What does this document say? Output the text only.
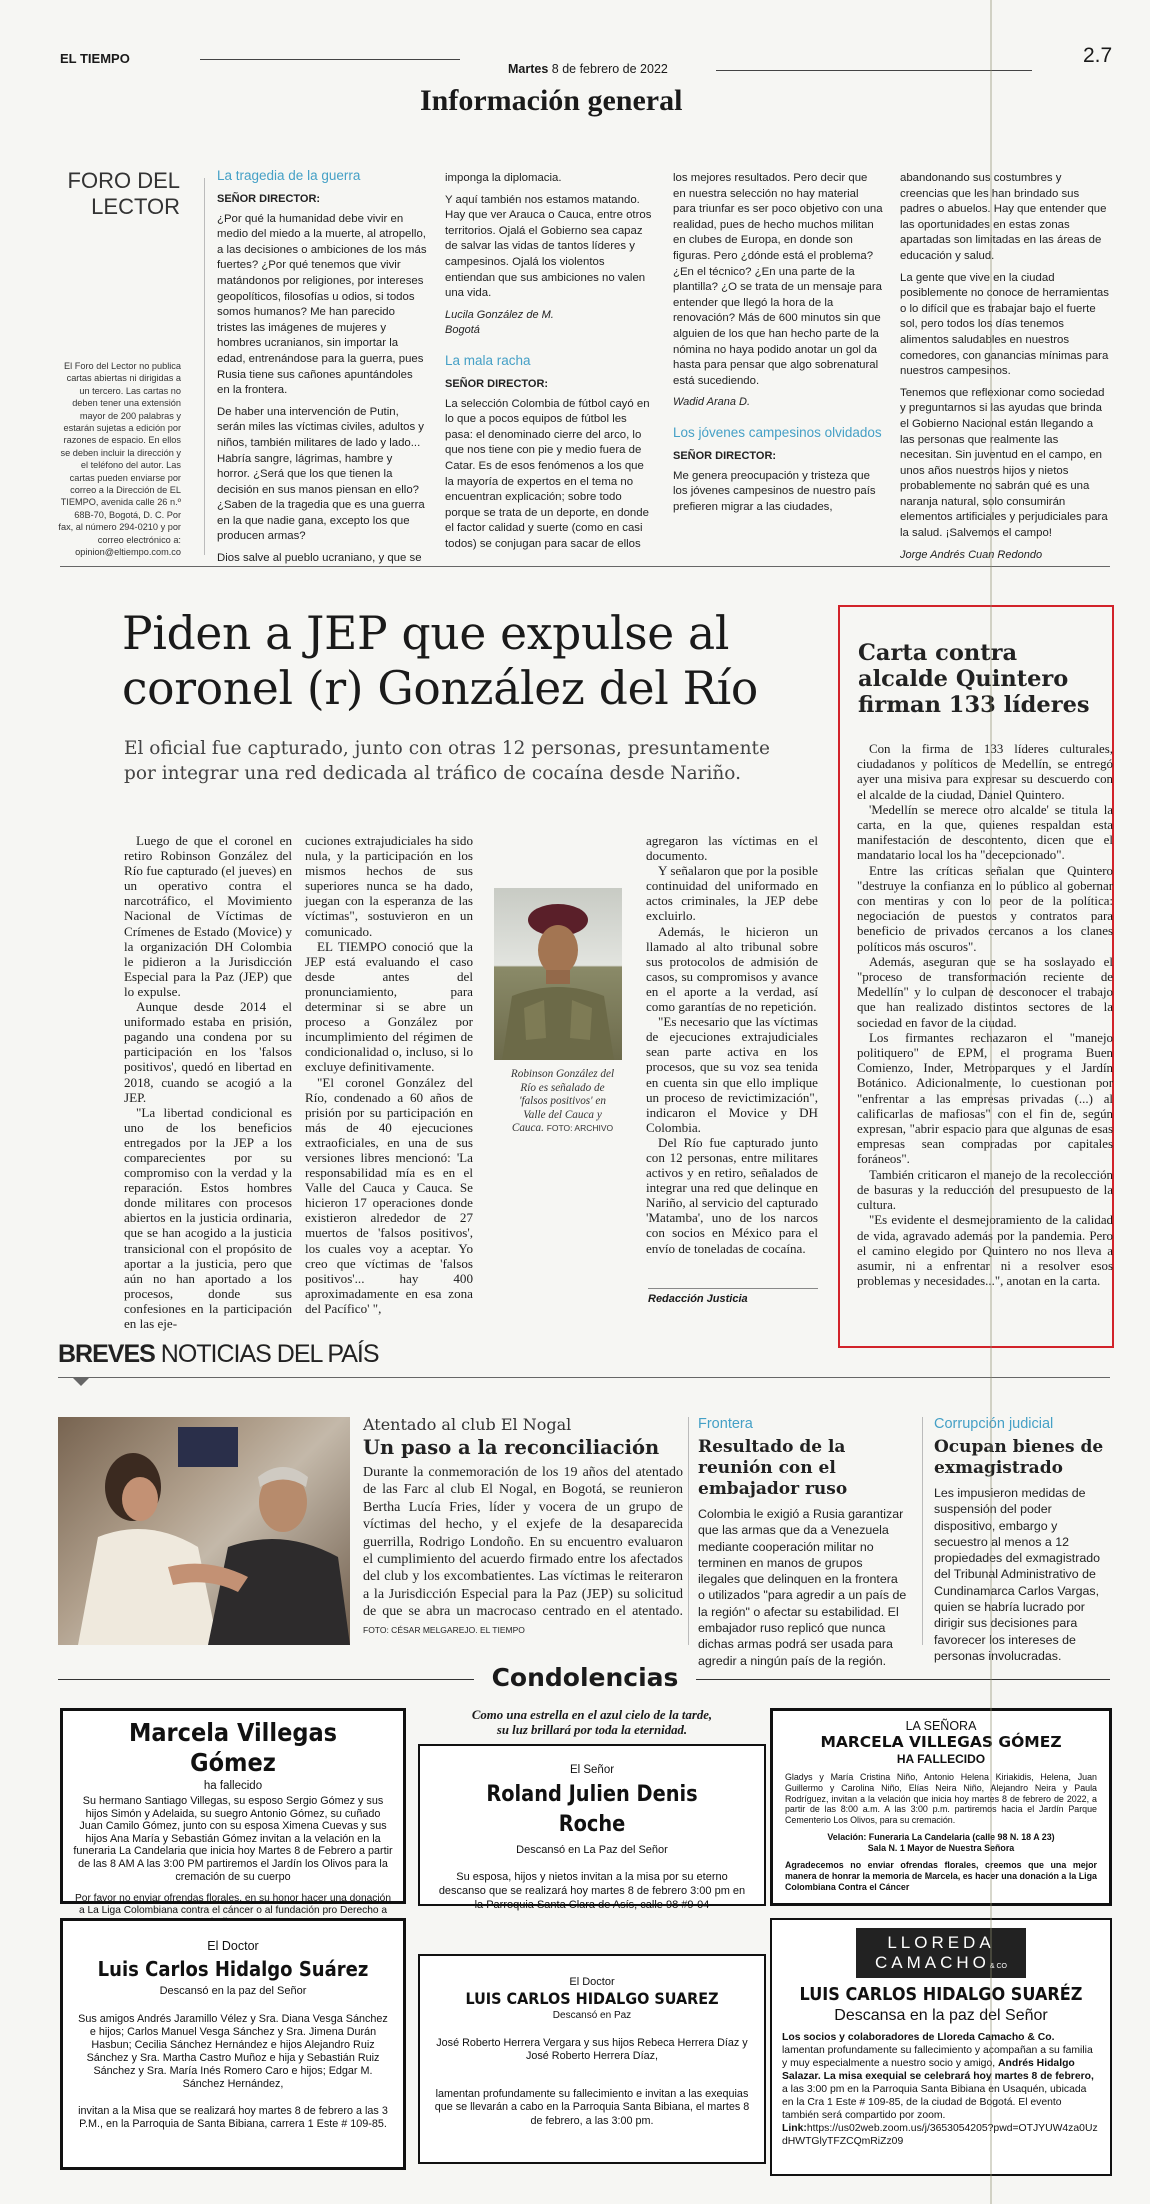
EL TIEMPO
Martes 8 de febrero de 2022
2.7
Información general
FORO DEL
LECTOR
El Foro del Lector no publica cartas abiertas ni dirigidas a un tercero. Las cartas no deben tener una extensión mayor de 200 palabras y estarán sujetas a edición por razones de espacio. En ellos se deben incluir la dirección y el teléfono del autor. Las cartas pueden enviarse por correo a la Dirección de EL TIEMPO, avenida calle 26 n.º 68B-70, Bogotá, D. C. Por fax, al número 294-0210 y por correo electrónico a: opinion@eltiempo.com.co
La tragedia de la guerra
SEÑOR DIRECTOR:

¿Por qué la humanidad debe vivir en medio del miedo a la muerte, al atropello, a las decisiones o ambiciones de los más fuertes? ¿Por qué tenemos que vivir matándonos por religiones, por intereses geopolíticos, filosofías u odios, si todos somos humanos? Me han parecido tristes las imágenes de mujeres y hombres ucranianos, sin importar la edad, entrenándose para la guerra, pues Rusia tiene sus cañones apuntándoles en la frontera.

De haber una intervención de Putin, serán miles las víctimas civiles, adultos y niños, también militares de lado y lado... Habría sangre, lágrimas, hambre y horror. ¿Será que los que tienen la decisión en sus manos piensan en ello? ¿Saben de la tragedia que es una guerra en la que nadie gana, excepto los que producen armas?

Dios salve al pueblo ucraniano, y que se

imponga la diplomacia.

Y aquí también nos estamos matando. Hay que ver Arauca o Cauca, entre otros territorios. Ojalá el Gobierno sea capaz de salvar las vidas de tantos líderes y campesinos. Ojalá los violentos entiendan que sus ambiciones no valen una vida.

Lucila González de M.
Bogotá
La mala racha
SEÑOR DIRECTOR:

La selección Colombia de fútbol cayó en lo que a pocos equipos de fútbol les pasa: el denominado cierre del arco, lo que nos tiene con pie y medio fuera de Catar. Es de esos fenómenos a los que la mayoría de expertos en el tema no encuentran explicación; sobre todo porque se trata de un deporte, en donde el factor calidad y suerte (como en casi todos) se conjugan para sacar de ellos

los mejores resultados. Pero decir que en nuestra selección no hay material para triunfar es ser poco objetivo con una realidad, pues de hecho muchos militan en clubes de Europa, en donde son figuras. Pero ¿dónde está el problema? ¿En el técnico? ¿En una parte de la plantilla? ¿O se trata de un mensaje para entender que llegó la hora de la renovación? Más de 600 minutos sin que alguien de los que han hecho parte de la nómina no haya podido anotar un gol da hasta para pensar que algo sobrenatural está sucediendo.

Wadid Arana D.
Los jóvenes campesinos olvidados
SEÑOR DIRECTOR:

Me genera preocupación y tristeza que los jóvenes campesinos de nuestro país prefieren migrar a las ciudades,

abandonando sus costumbres y creencias que les han brindado sus padres o abuelos. Hay que entender que las oportunidades en estas zonas apartadas son limitadas en las áreas de educación y salud.

La gente que vive en la ciudad posiblemente no conoce de herramientas o lo difícil que es trabajar bajo el fuerte sol, pero todos los días tenemos alimentos saludables en nuestros comedores, con ganancias mínimas para nuestros campesinos.

Tenemos que reflexionar como sociedad y preguntarnos si las ayudas que brinda el Gobierno Nacional están llegando a las personas que realmente las necesitan. Sin juventud en el campo, en unos años nuestros hijos y nietos probablemente no sabrán qué es una naranja natural, solo consumirán elementos artificiales y perjudiciales para la salud. ¡Salvemos el campo!

Jorge Andrés Cuan Redondo
Piden a JEP que expulse al
coronel (r) González del Río
El oficial fue capturado, junto con otras 12 personas, presuntamente
por integrar una red dedicada al tráfico de cocaína desde Nariño.

Luego de que el coronel en retiro Robinson González del Río fue capturado (el jueves) en un operativo contra el narcotráfico, el Movimiento Nacional de Víctimas de Crímenes de Estado (Movice) y la organización DH Colombia le pidieron a la Jurisdicción Especial para la Paz (JEP) que lo expulse.

Aunque desde 2014 el uniformado estaba en prisión, pagando una condena por su participación en los 'falsos positivos', quedó en libertad en 2018, cuando se acogió a la JEP.

"La libertad condicional es uno de los beneficios entregados por la JEP a los comparecientes por su compromiso con la verdad y la reparación. Estos hombres donde militares con procesos abiertos en la justicia ordinaria, que se han acogido a la justicia transicional con el propósito de aportar a la justicia, pero que aún no han aportado a los procesos, donde sus confesiones en la participación en las eje-

cuciones extrajudiciales ha sido nula, y la participación en los mismos hechos de sus superiores nunca se ha dado, juegan con la esperanza de las víctimas", sostuvieron en un comunicado.

EL TIEMPO conoció que la JEP está evaluando el caso desde antes del pronunciamiento, para determinar si se abre un proceso a González por incumplimiento del régimen de condicionalidad o, incluso, si lo excluye definitivamente.

"El coronel González del Río, condenado a 60 años de prisión por su participación en más de 40 ejecuciones extraoficiales, en una de sus versiones libres mencionó: 'La responsabilidad mía es en el Valle del Cauca y Cauca. Se hicieron 17 operaciones donde existieron alrededor de 27 muertos de 'falsos positivos', los cuales voy a aceptar. Yo creo que víctimas de 'falsos positivos'... hay 400 aproximadamente en esa zona del Pacífico' ",

Robinson González del Río es señalado de 'falsos positivos' en Valle del Cauca y Cauca. FOTO: ARCHIVO

agregaron las víctimas en el documento.

Y señalaron que por la posible continuidad del uniformado en actos criminales, la JEP debe excluirlo.

Además, le hicieron un llamado al alto tribunal sobre sus protocolos de admisión de casos, su compromisos y avance en el aporte a la verdad, así como garantías de no repetición.

"Es necesario que las víctimas de ejecuciones extrajudiciales sean parte activa en los procesos, que su voz sea tenida en cuenta sin que ello implique un proceso de revictimización", indicaron el Movice y DH Colombia.

Del Río fue capturado junto con 12 personas, entre militares activos y en retiro, señalados de integrar una red que delinque en Nariño, al servicio del capturado 'Matamba', uno de los narcos con socios en México para el envío de toneladas de cocaína.

Redacción Justicia
Carta contra
alcalde Quintero
firman 133 líderes

Con la firma de 133 líderes culturales, ciudadanos y políticos de Medellín, se entregó ayer una misiva para expresar su descuerdo con el alcalde de la ciudad, Daniel Quintero.

'Medellín se merece otro alcalde' se titula la carta, en la que, quienes respaldan esta manifestación de descontento, dicen que el mandatario local los ha "decepcionado".

Entre las críticas señalan que Quintero "destruye la confianza en lo público al gobernar con mentiras y con lo peor de la política: negociación de puestos y contratos para beneficio de privados cercanos a los clanes políticos más oscuros".

Además, aseguran que se ha soslayado el "proceso de transformación reciente de Medellín" y lo culpan de desconocer el trabajo que han realizado distintos sectores de la sociedad en favor de la ciudad.

Los firmantes rechazaron el "manejo politiquero" de EPM, el programa Buen Comienzo, Inder, Metroparques y el Jardín Botánico. Adicionalmente, lo cuestionan por "enfrentar a las empresas privadas (...) al calificarlas de mafiosas" con el fin de, según expresan, "abrir espacio para que algunas de esas empresas sean compradas por capitales foráneos".

También criticaron el manejo de la recolección de basuras y la reducción del presupuesto de la cultura.

"Es evidente el desmejoramiento de la calidad de vida, agravado además por la pandemia. Pero el camino elegido por Quintero no nos lleva a asumir, ni a enfrentar ni a resolver esos problemas y necesidades...", anotan en la carta.

BREVES NOTICIAS DEL PAÍS
Atentado al club El Nogal
Un paso a la reconciliación
Durante la conmemoración de los 19 años del atentado de las Farc al club El Nogal, en Bogotá, se reunieron Bertha Lucía Fries, líder y vocera de un grupo de víctimas del hecho, y el exjefe de la desaparecida guerrilla, Rodrigo Londoño. En su encuentro evaluaron el cumplimiento del acuerdo firmado entre los afectados del club y los excombatientes. Las víctimas le reiteraron a la Jurisdicción Especial para la Paz (JEP) su solicitud de que se abra un macrocaso centrado en el atentado. FOTO: CÉSAR MELGAREJO. EL TIEMPO
Frontera
Resultado de la reunión con el embajador ruso
Colombia le exigió a Rusia garantizar que las armas que da a Venezuela mediante cooperación militar no terminen en manos de grupos ilegales que delinquen en la frontera o utilizados "para agredir a un país de la región" o afectar su estabilidad. El embajador ruso replicó que nunca dichas armas podrá ser usada para agredir a ningún país de la región.
Corrupción judicial
Ocupan bienes de exmagistrado
Les impusieron medidas de suspensión del poder dispositivo, embargo y secuestro al menos a 12 propiedades del exmagistrado del Tribunal Administrativo de Cundinamarca Carlos Vargas, quien se habría lucrado por dirigir sus decisiones para favorecer los intereses de personas involucradas.
Condolencias
Marcela Villegas Gómez
ha fallecido
Su hermano Santiago Villegas, su esposo Sergio Gómez y sus hijos Simón y Adelaida, su suegro Antonio Gómez, su cuñado Juan Camilo Gómez, junto con su esposa Ximena Cuevas y sus hijos Ana María y Sebastián Gómez invitan a la velación en la funeraria La Candelaria que inicia hoy Martes 8 de Febrero a partir de las 8 AM A las 3:00 PM partiremos el Jardín los Olivos para la cremación de su cuerpo
Por favor no enviar ofrendas florales, en su honor hacer una donación a La Liga Colombiana contra el cáncer o al fundación pro Derecho a
Como una estrella en el azul cielo de la tarde,
su luz brillará por toda la eternidad.
El Señor
Roland Julien Denis Roche
Descansó en La Paz del Señor
Su esposa, hijos y nietos invitan a la misa por su eterno descanso que se realizará hoy martes 8 de febrero 3:00 pm en la Parroquia Santa Clara de Asís, calle 98 #9-04
LA SEÑORA
MARCELA VILLEGAS GÓMEZ
HA FALLECIDO
Gladys y María Cristina Niño, Antonio Helena Kiriakidis, Helena, Juan Guillermo y Carolina Niño, Elías Neira Niño, Alejandro Neira y Paula Rodríguez, invitan a la velación que inicia hoy martes 8 de febrero de 2022, a partir de las 8:00 a.m. A las 3:00 p.m. partiremos hacia el Jardín Parque Cementerio Los Olivos, para su cremación.
Velación: Funeraria La Candelaria (calle 98 N. 18 A 23)
Sala N. 1 Mayor de Nuestra Señora
Agradecemos no enviar ofrendas florales, creemos que una mejor manera de honrar la memoria de Marcela, es hacer una donación a la Liga Colombiana Contra el Cáncer
El Doctor
Luis Carlos Hidalgo Suárez
Descansó en la paz del Señor
Sus amigos Andrés Jaramillo Vélez y Sra. Diana Vesga Sánchez e hijos; Carlos Manuel Vesga Sánchez y Sra. Jimena Durán Hasbun; Cecilia Sánchez Hernández e hijos Alejandro Ruiz Sánchez y Sra. Martha Castro Muñoz e hija y Sebastián Ruiz Sánchez y Sra. María Inés Romero Caro e hijos; Edgar M. Sánchez Hernández,
invitan a la Misa que se realizará hoy martes 8 de febrero a las 3 P.M., en la Parroquia de Santa Bibiana, carrera 1 Este # 109-85.
El Doctor
LUIS CARLOS HIDALGO SUAREZ
Descansó en Paz
José Roberto Herrera Vergara y sus hijos Rebeca Herrera Díaz y José Roberto Herrera Díaz,
lamentan profundamente su fallecimiento e invitan a las exequias que se llevarán a cabo en la Parroquia Santa Bibiana, el martes 8 de febrero, a las 3:00 pm.
LLOREDA
CAMACHO& CO
LUIS CARLOS HIDALGO SUARÉZ
Descansa en la paz del Señor
Los socios y colaboradores de Lloreda Camacho & Co. lamentan profundamente su fallecimiento y acompañan a su familia y muy especialmente a nuestro socio y amigo, Andrés Hidalgo Salazar. La misa exequial se celebrará hoy martes 8 de febrero, a las 3:00 pm en la Parroquia Santa Bibiana en Usaquén, ubicada en la Cra 1 Este # 109-85, de la ciudad de Bogotá. El evento también será compartido por zoom.
Link:https://us02web.zoom.us/j/3653054205?pwd=OTJYUW4za0UzdHWTGlyTFZCQmRiZz09
